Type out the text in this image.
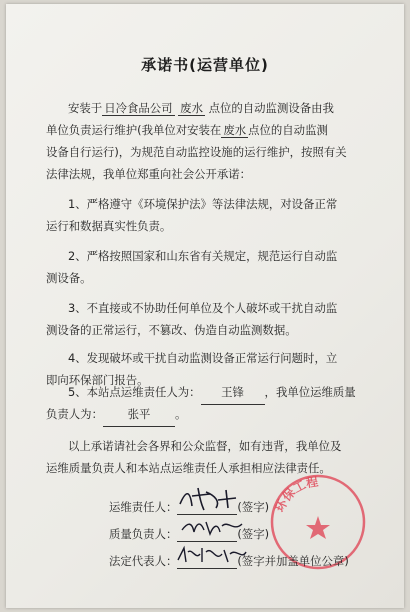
承诺书(运营单位)
安装于 日冷食品公司 废水 点位的自动监测设备由我
单位负责运行维护(我单位对安装在 废水 点位的自动监测
设备自行运行)，为规范自动监控设施的运行维护，按照有关
法律法规，我单位郑重向社会公开承诺：
1、严格遵守《环境保护法》等法律法规，对设备正常
运行和数据真实性负责。
2、严格按照国家和山东省有关规定，规范运行自动监
测设备。
3、不直接或不协助任何单位及个人破坏或干扰自动监
测设备的正常运行，不篡改、伪造自动监测数据。
4、发现破坏或干扰自动监测设备正常运行问题时，立
即向环保部门报告。
5、本站点运维责任人为： 王锋 ，我单位运维质量
负责人为： 张平 。
以上承诺请社会各界和公众监督，如有违背，我单位及
运维质量负责人和本站点运维责任人承担相应法律责任。
环保工程
运维责任人：	(签字)
质量负责人：	(签字)
法定代表人：	(签字并加盖单位公章)
